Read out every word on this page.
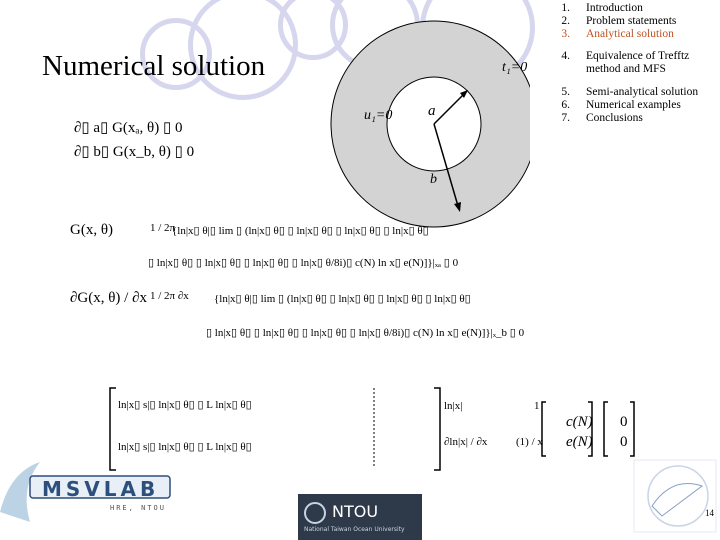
Numerical solution
1. Introduction
2. Problem statements
3. Analytical solution
4. Equivalence of Trefftz
method and MFS
5. Semi-analytical solution
6. Numerical examples
7. Conclusions
t₁=0
u₁=0 a
b
∂▯ a▯ G(xₐ, θ) ▯ 0
∂▯ b▯ G(x_b, θ) ▯ 0
G(x, θ)	1 / 2π
{ln|x▯ θ|▯ lim ▯ (ln|x▯ θ▯ ▯ ln|x▯ θ▯ ▯ ln|x▯ θ▯ ▯ ln|x▯ θ▯
▯ ln|x▯ θ▯ ▯ ln|x▯ θ▯ ▯ ln|x▯ θ▯ ▯ ln|x▯ θ/8i)▯ c(N) ln x▯ e(N)]}|ₓₐ ▯ 0
∂G(x, θ) / ∂x 1 / 2π ∂x {ln|x▯ θ|▯ lim ▯ (ln|x▯ θ▯ ▯ ln|x▯ θ▯ ▯ ln|x▯ θ▯ ▯ ln|x▯ θ▯
▯ ln|x▯ θ▯ ▯ ln|x▯ θ▯ ▯ ln|x▯ θ▯ ▯ ln|x▯ θ/8i)▯ c(N) ln x▯ e(N)]}|ₓ_b ▯ 0
ln|x▯ s|▯ ln|x▯ θ▯ ▯ L ln|x▯ θ▯
ln|x▯ s|▯ ln|x▯ θ▯ ▯ L ln|x▯ θ▯
ln|x|
∂ln|x| / ∂x
1
(1) / x
c(N)
e(N)
0
0
MSVLAB
HRE, NTOU	NTOU
National Taiwan Ocean University
14
